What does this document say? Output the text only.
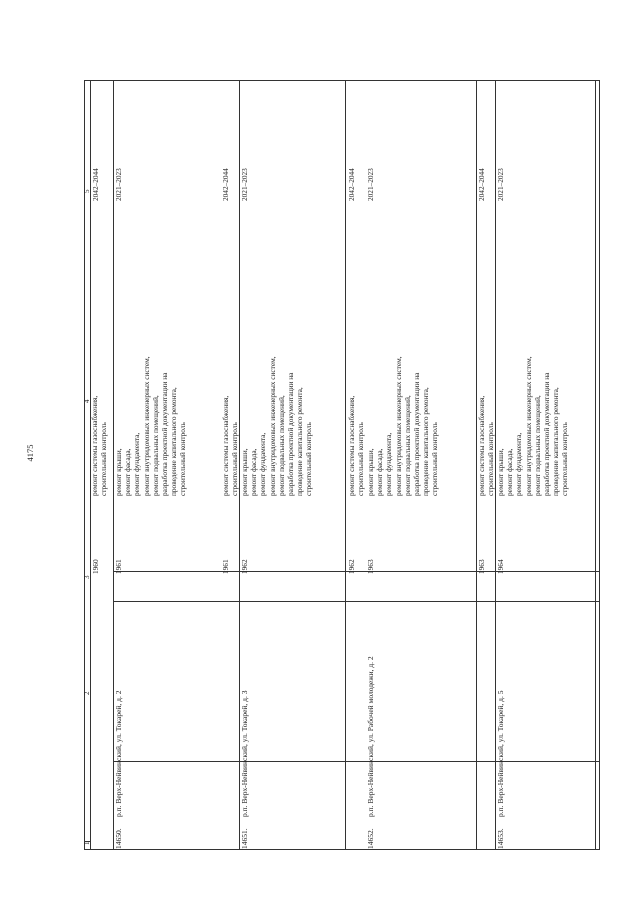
4175
1
2
3
4
5
1960
ремонт системы газоснабжения, строительный контроль
2042–2044
14650.
р.п. Верх-Нейвинский, ул. Токарей, д. 2
1961
ремонт крыши, ремонт фасада, ремонт фундамента, ремонт внутридомовых инженерных систем, ремонт подвальных помещений, разработка проектной документации на проведение капитального ремонта, строительный контроль
2021–2023
1961
ремонт системы газоснабжения, строительный контроль
2042–2044
14651.
р.п. Верх-Нейвинский, ул. Токарей, д. 3
1962
ремонт крыши, ремонт фасада, ремонт фундамента, ремонт внутридомовых инженерных систем, ремонт подвальных помещений, разработка проектной документации на проведение капитального ремонта, строительный контроль
2021–2023
1962
ремонт системы газоснабжения, строительный контроль
2042–2044
14652.
р.п. Верх-Нейвинский, ул. Рабочей молодежи, д. 2
1963
ремонт крыши, ремонт фасада, ремонт фундамента, ремонт внутридомовых инженерных систем, ремонт подвальных помещений, разработка проектной документации на проведение капитального ремонта, строительный контроль
2021–2023
1963
ремонт системы газоснабжения, строительный контроль
2042–2044
14653.
р.п. Верх-Нейвинский, ул. Токарей, д. 5
1964
ремонт крыши, ремонт фасада, ремонт фундамента, ремонт внутридомовых инженерных систем, ремонт подвальных помещений, разработка проектной документации на проведение капитального ремонта, строительный контроль
2021–2023
